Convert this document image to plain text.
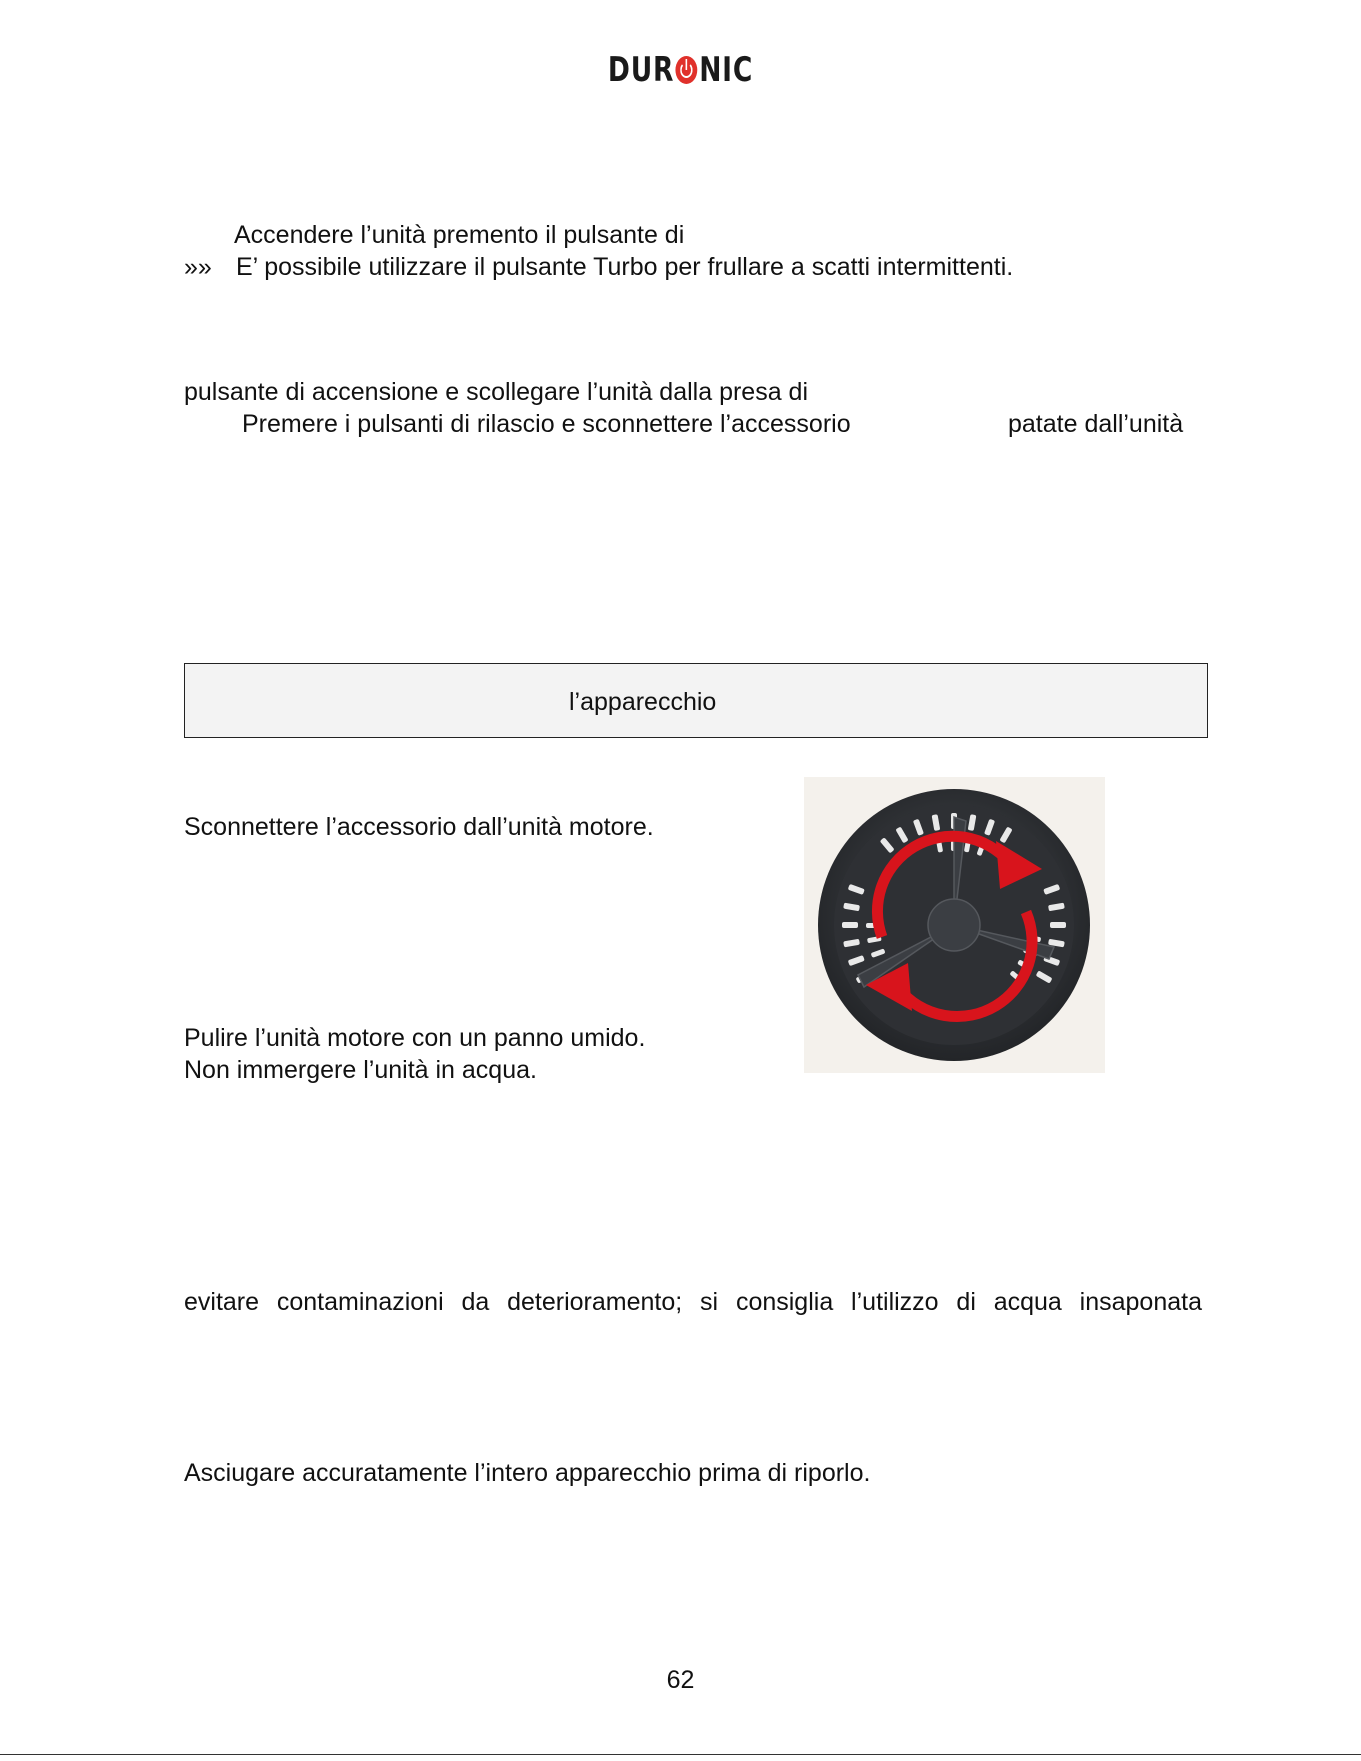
DUR NIC
Accendere l’unità premento il pulsante di
»» E’ possibile utilizzare il pulsante Turbo per frullare a scatti intermittenti.
pulsante di accensione e scollegare l’unità dalla presa di
Premere i pulsanti di rilascio e sconnettere l’accessorio	patate dall’unità
l’apparecchio
Sconnettere l’accessorio dall’unità motore.
Pulire l’unità motore con un panno umido.
Non immergere l’unità in acqua.
evitare contaminazioni da deterioramento; si consiglia l’utilizzo di acqua insaponata
Asciugare accuratamente l’intero apparecchio prima di riporlo.
62
